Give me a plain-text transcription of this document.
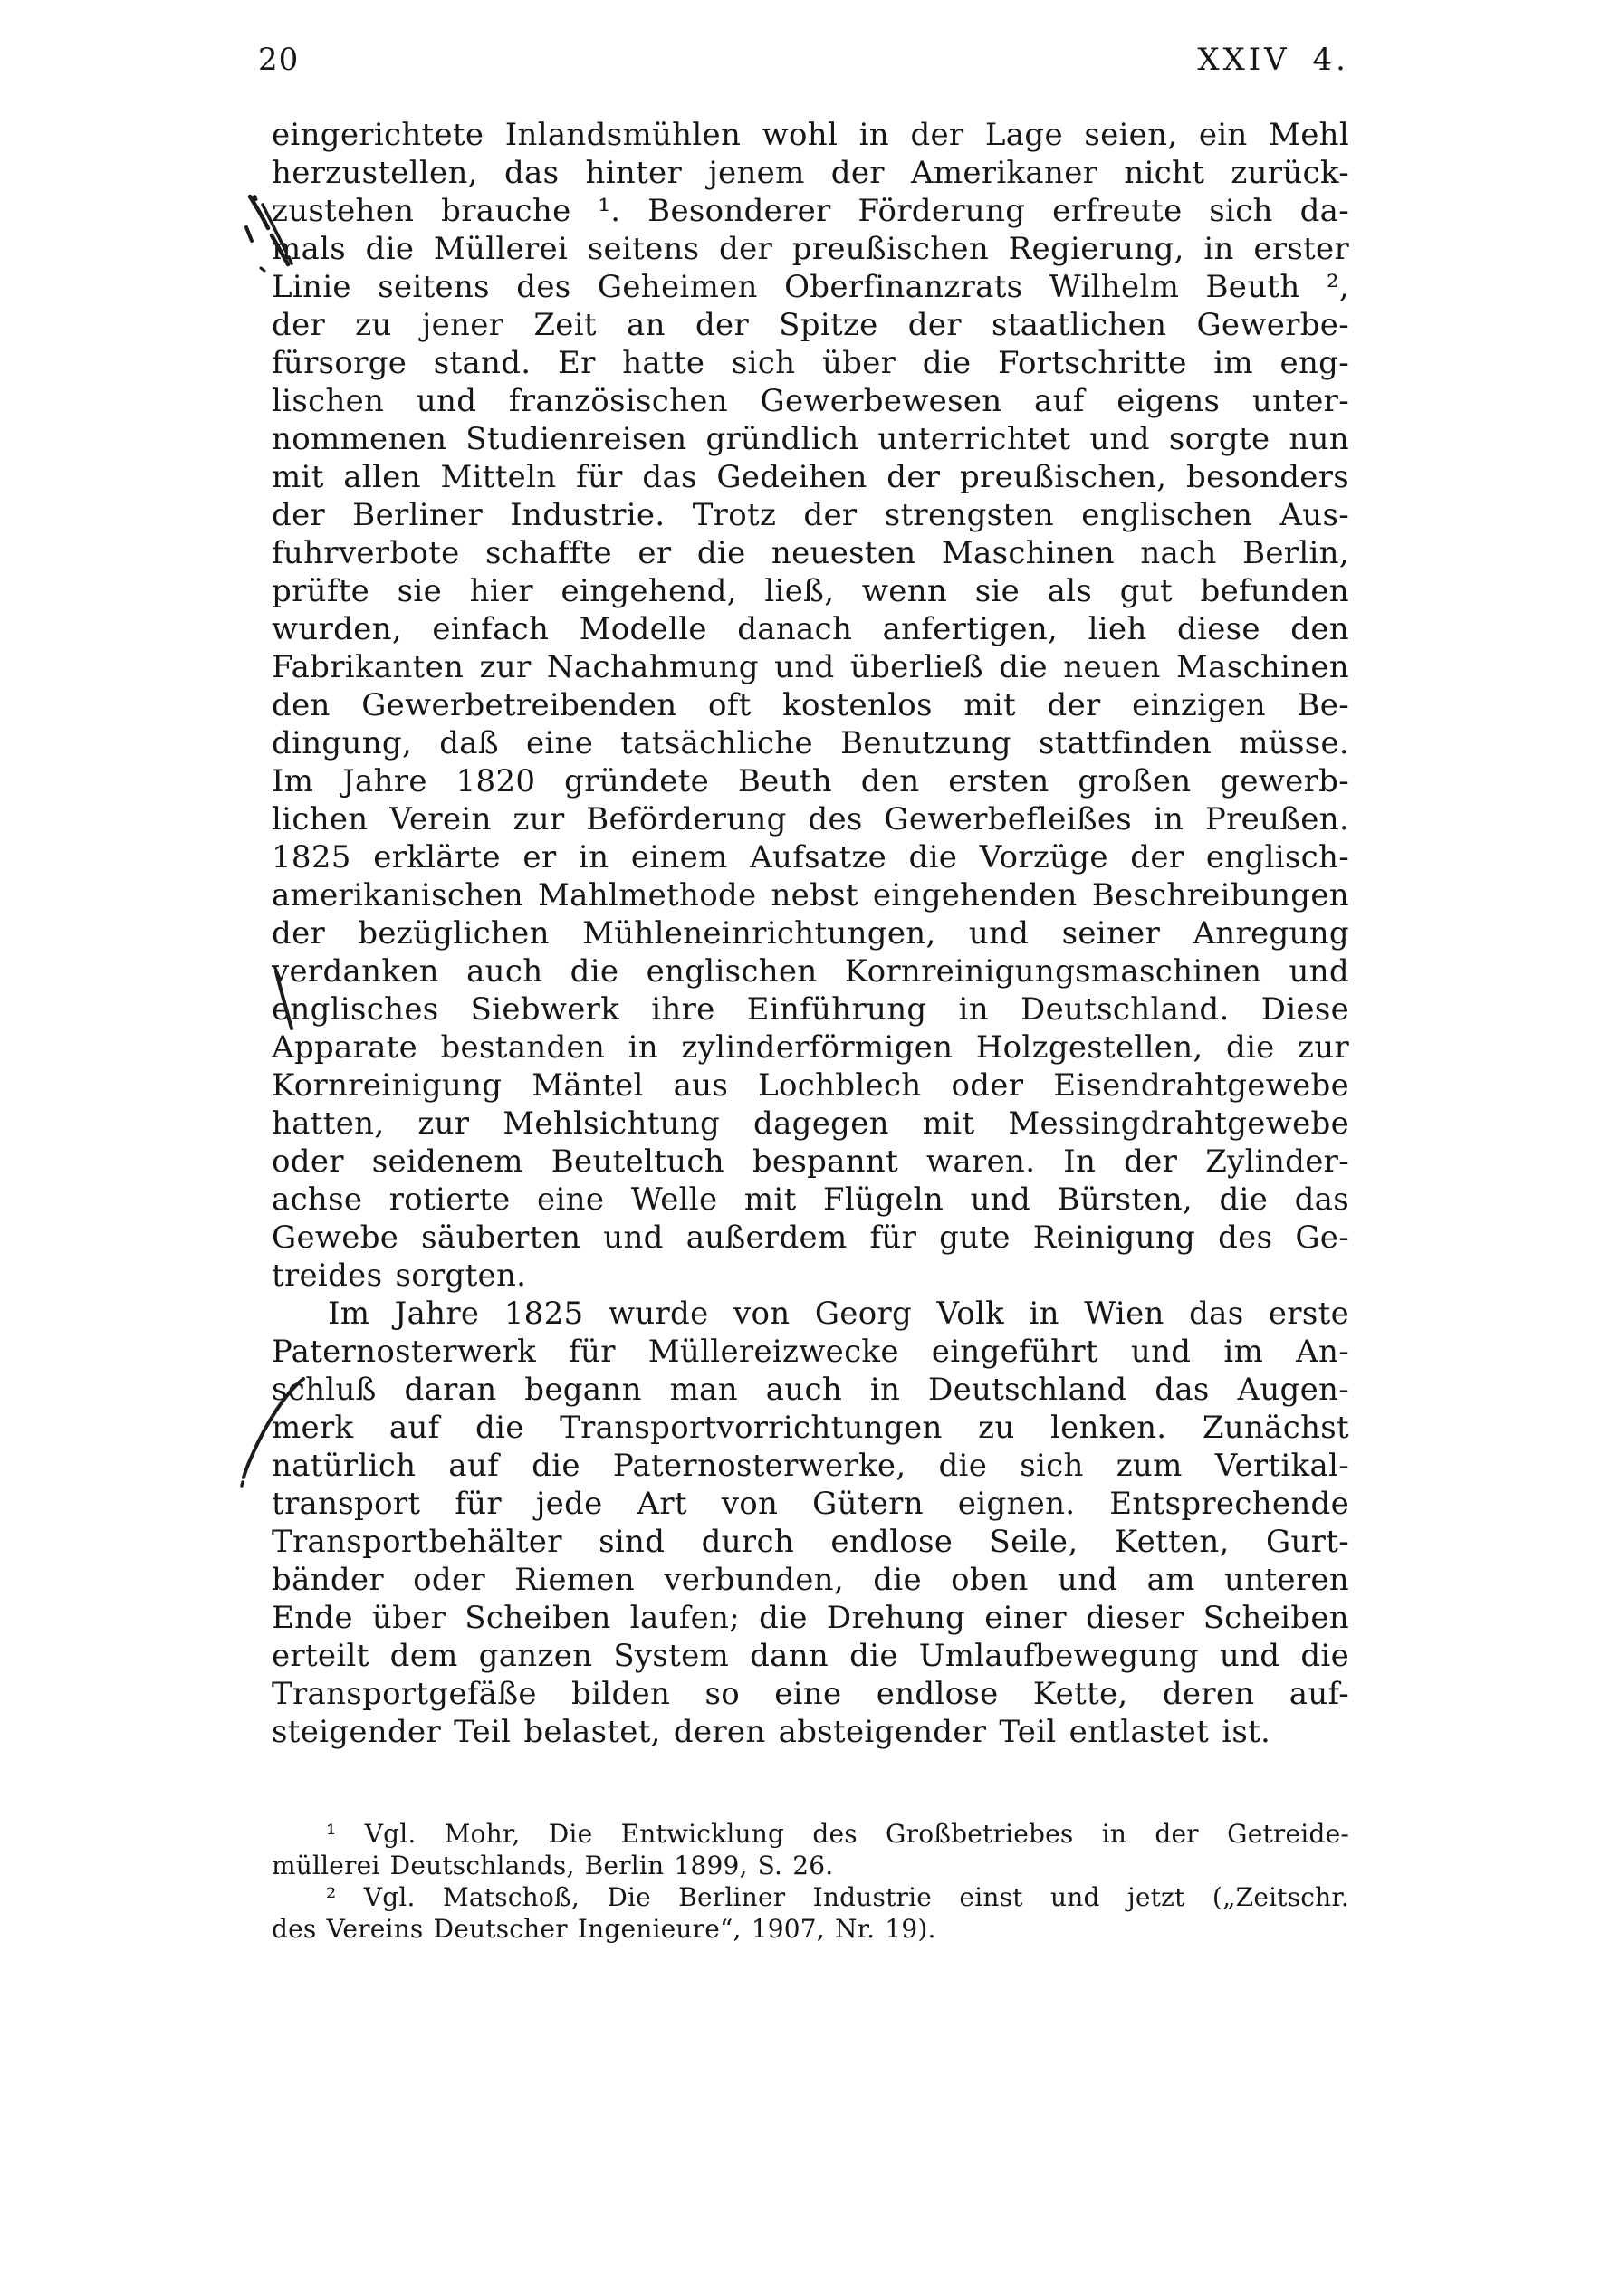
20	XXIV 4.
eingerichtete Inlandsmühlen wohl in der Lage seien, ein Mehl
herzustellen, das hinter jenem der Amerikaner nicht zurück-
zustehen brauche ¹. Besonderer Förderung erfreute sich da-
mals die Müllerei seitens der preußischen Regierung, in erster
Linie seitens des Geheimen Oberfinanzrats Wilhelm Beuth ²,
der zu jener Zeit an der Spitze der staatlichen Gewerbe-
fürsorge stand. Er hatte sich über die Fortschritte im eng-
lischen und französischen Gewerbewesen auf eigens unter-
nommenen Studienreisen gründlich unterrichtet und sorgte nun
mit allen Mitteln für das Gedeihen der preußischen, besonders
der Berliner Industrie. Trotz der strengsten englischen Aus-
fuhrverbote schaffte er die neuesten Maschinen nach Berlin,
prüfte sie hier eingehend, ließ, wenn sie als gut befunden
wurden, einfach Modelle danach anfertigen, lieh diese den
Fabrikanten zur Nachahmung und überließ die neuen Maschinen
den Gewerbetreibenden oft kostenlos mit der einzigen Be-
dingung, daß eine tatsächliche Benutzung stattfinden müsse.
Im Jahre 1820 gründete Beuth den ersten großen gewerb-
lichen Verein zur Beförderung des Gewerbefleißes in Preußen.
1825 erklärte er in einem Aufsatze die Vorzüge der englisch-
amerikanischen Mahlmethode nebst eingehenden Beschreibungen
der bezüglichen Mühleneinrichtungen, und seiner Anregung
verdanken auch die englischen Kornreinigungsmaschinen und
englisches Siebwerk ihre Einführung in Deutschland. Diese
Apparate bestanden in zylinderförmigen Holzgestellen, die zur
Kornreinigung Mäntel aus Lochblech oder Eisendrahtgewebe
hatten, zur Mehlsichtung dagegen mit Messingdrahtgewebe
oder seidenem Beuteltuch bespannt waren. In der Zylinder-
achse rotierte eine Welle mit Flügeln und Bürsten, die das
Gewebe säuberten und außerdem für gute Reinigung des Ge-
treides sorgten.
Im Jahre 1825 wurde von Georg Volk in Wien das erste
Paternosterwerk für Müllereizwecke eingeführt und im An-
schluß daran begann man auch in Deutschland das Augen-
merk auf die Transportvorrichtungen zu lenken. Zunächst
natürlich auf die Paternosterwerke, die sich zum Vertikal-
transport für jede Art von Gütern eignen. Entsprechende
Transportbehälter sind durch endlose Seile, Ketten, Gurt-
bänder oder Riemen verbunden, die oben und am unteren
Ende über Scheiben laufen; die Drehung einer dieser Scheiben
erteilt dem ganzen System dann die Umlaufbewegung und die
Transportgefäße bilden so eine endlose Kette, deren auf-
steigender Teil belastet, deren absteigender Teil entlastet ist.
¹ Vgl. Mohr, Die Entwicklung des Großbetriebes in der Getreide-
müllerei Deutschlands, Berlin 1899, S. 26.
² Vgl. Matschoß, Die Berliner Industrie einst und jetzt („Zeitschr.
des Vereins Deutscher Ingenieure“, 1907, Nr. 19).
